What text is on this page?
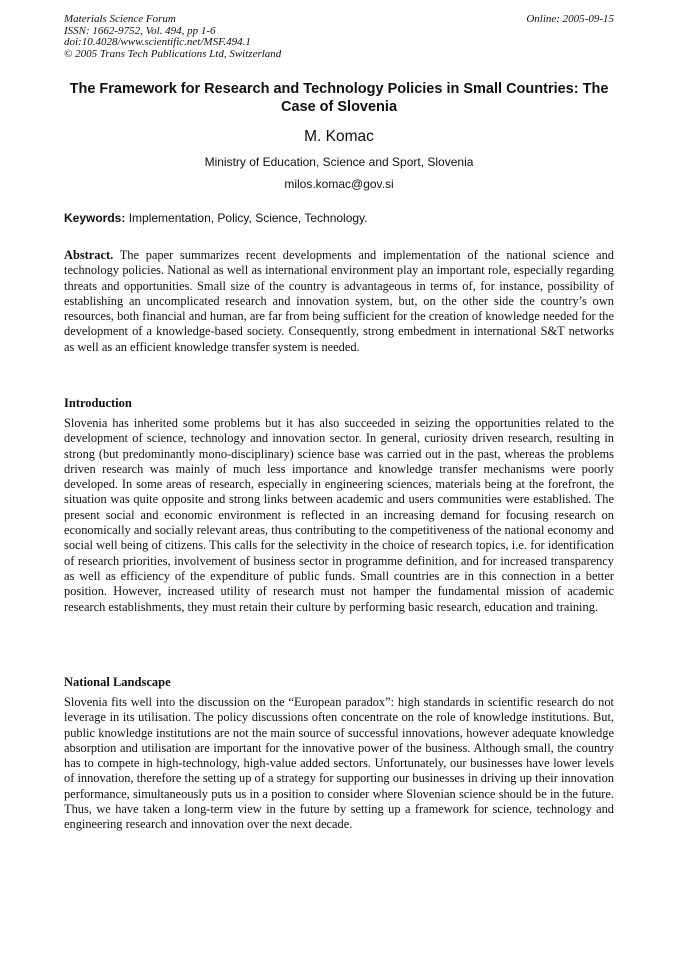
Materials Science Forum
ISSN: 1662-9752, Vol. 494, pp 1-6
doi:10.4028/www.scientific.net/MSF.494.1
© 2005 Trans Tech Publications Ltd, Switzerland
Online: 2005-09-15
The Framework for Research and Technology Policies in Small Countries: The Case of Slovenia
M. Komac
Ministry of Education, Science and Sport, Slovenia
milos.komac@gov.si
Keywords: Implementation, Policy, Science, Technology.
Abstract. The paper summarizes recent developments and implementation of the national science and technology policies. National as well as international environment play an important role, especially regarding threats and opportunities. Small size of the country is advantageous in terms of, for instance, possibility of establishing an uncomplicated research and innovation system, but, on the other side the country’s own resources, both financial and human, are far from being sufficient for the creation of knowledge needed for the development of a knowledge-based society. Consequently, strong embedment in international S&T networks as well as an efficient knowledge transfer system is needed.
Introduction
Slovenia has inherited some problems but it has also succeeded in seizing the opportunities related to the development of science, technology and innovation sector. In general, curiosity driven research, resulting in strong (but predominantly mono-disciplinary) science base was carried out in the past, whereas the problems driven research was mainly of much less importance and knowledge transfer mechanisms were poorly developed. In some areas of research, especially in engineering sciences, materials being at the forefront, the situation was quite opposite and strong links between academic and users communities were established. The present social and economic environment is reflected in an increasing demand for focusing research on economically and socially relevant areas, thus contributing to the competitiveness of the national economy and social well being of citizens. This calls for the selectivity in the choice of research topics, i.e. for identification of research priorities, involvement of business sector in programme definition, and for increased transparency as well as efficiency of the expenditure of public funds. Small countries are in this connection in a better position. However, increased utility of research must not hamper the fundamental mission of academic research establishments, they must retain their culture by performing basic research, education and training.
National Landscape
Slovenia fits well into the discussion on the “European paradox”: high standards in scientific research do not leverage in its utilisation. The policy discussions often concentrate on the role of knowledge institutions. But, public knowledge institutions are not the main source of successful innovations, however adequate knowledge absorption and utilisation are important for the innovative power of the business. Although small, the country has to compete in high-technology, high-value added sectors. Unfortunately, our businesses have lower levels of innovation, therefore the setting up of a strategy for supporting our businesses in driving up their innovation performance, simultaneously puts us in a position to consider where Slovenian science should be in the future. Thus, we have taken a long-term view in the future by setting up a framework for science, technology and engineering research and innovation over the next decade.
